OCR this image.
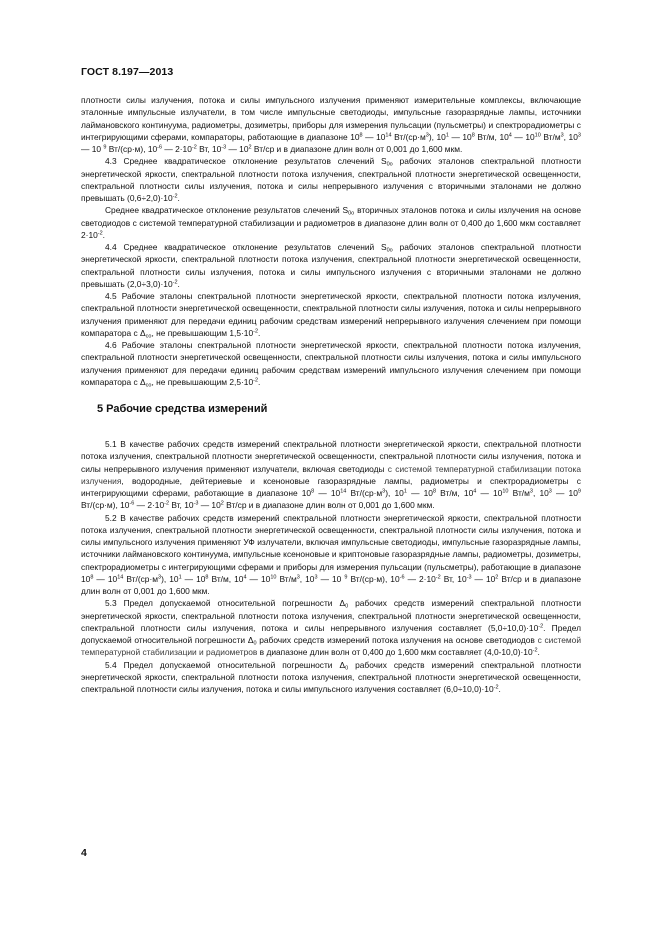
ГОСТ 8.197—2013

плотности силы излучения, потока и силы импульсного излучения применяют измерительные комплексы, включающие эталонные импульсные излучатели, в том числе импульсные светодиоды, импульсные газоразрядные лампы, источники лаймановского континуума, радиометры, дозиметры, приборы для измерения пульсации (пульсметры) и спектрорадиометры с интегрирующими сферами, компараторы, работающие в диапазоне $10^8$ — $10^{14}$ $Вт/(ср\cdot м^3)$, $10^1$ — $10^8$ Вт/м, $10^4$ — $10^{10}$ $Вт/м^3$, $10^3$ — 10 $^9$ Вт/(ср·м), $10^{-6}$ — $2\cdot 10^{-2}$ Вт, $10^{-3}$ — $10^2$ Вт/ср и в диапазоне длин волн от 0,001 до 1,600 мкм.

4.3 Среднее квадратическое отклонение результатов слечений $S_{0o}$ рабочих эталонов спектральной плотности энергетической яркости, спектральной плотности потока излучения, спектральной плотности энергетической освещенности, спектральной плотности силы излучения, потока и силы непрерывного излучения с вторичными эталонами не должно превышать $(0,6\div 2,0)\cdot 10^{-2}$.

Среднее квадратическое отклонение результатов слечений $S_{0o}$ вторичных эталонов потока и силы излучения на основе светодиодов с системой температурной стабилизации и радиометров в диапазоне длин волн от 0,400 до 1,600 мкм составляет $2\cdot 10^{-2}$.

4.4 Среднее квадратическое отклонение результатов слечений $S_{0o}$ рабочих эталонов спектральной плотности энергетической яркости, спектральной плотности потока излучения, спектральной плотности энергетической освещенности, спектральной плотности силы излучения, потока и силы импульсного излучения с вторичными эталонами не должно превышать $(2,0\div 3,0)\cdot 10^{-2}$.

4.5 Рабочие эталоны спектральной плотности энергетической яркости, спектральной плотности потока излучения, спектральной плотности энергетической освещенности, спектральной плотности силы излучения, потока и силы непрерывного излучения применяют для передачи единиц рабочим средствам измерений непрерывного излучения слечением при помощи компаратора с $\Delta_{co}$, не превышающим $1,5\cdot 10^{-2}$.

4.6 Рабочие эталоны спектральной плотности энергетической яркости, спектральной плотности потока излучения, спектральной плотности энергетической освещенности, спектральной плотности силы излучения, потока и силы импульсного излучения применяют для передачи единиц рабочим средствам измерений импульсного излучения слечением при помощи компаратора с $\Delta_{co}$, не превышающим $2,5\cdot 10^{-2}$.

5 Рабочие средства измерений

5.1 В качестве рабочих средств измерений спектральной плотности энергетической яркости, спектральной плотности потока излучения, спектральной плотности энергетической освещенности, спектральной плотности силы излучения, потока и силы непрерывного излучения применяют излучатели, включая светодиоды с системой температурной стабилизации потока излучения, водородные, дейтериевые и ксеноновые газоразрядные лампы, радиометры и спектрорадиометры с интегрирующими сферами, работающие в диапазоне $10^8$ — $10^{14}$ $Вт/(ср\cdot м^3)$, $10^1$ — $10^8$ Вт/м, $10^4$ — $10^{10}$ $Вт/м^3$, $10^3$ — $10^9$ Вт/(ср·м), $10^{-6}$ — $2\cdot 10^{-2}$ Вт, $10^{-3}$ — $10^2$ Вт/ср и в диапазоне длин волн от 0,001 до 1,600 мкм.

5.2 В качестве рабочих средств измерений спектральной плотности энергетической яркости, спектральной плотности потока излучения, спектральной плотности энергетической освещенности, спектральной плотности силы излучения, потока и силы импульсного излучения применяют УФ излучатели, включая импульсные светодиоды, импульсные газоразрядные лампы, источники лаймановского континуума, импульсные ксеноновые и криптоновые газоразрядные лампы, радиометры, дозиметры, спектрорадиометры с интегрирующими сферами и приборы для измерения пульсации (пульсметры), работающие в диапазоне $10^8$ — $10^{14}$ $Вт/(ср\cdot м^3)$, $10^1$ — $10^8$ Вт/м, $10^4$ — $10^{10}$ $Вт/м^3$, $10^3$ — 10 $^9$ Вт/(ср·м), $10^{-6}$ — $2\cdot 10^{-2}$ Вт, $10^{-3}$ — $10^2$ Вт/ср и в диапазоне длин волн от 0,001 до 1,600 мкм.

5.3 Предел допускаемой относительной погрешности $\Delta_0$ рабочих средств измерений спектральной плотности энергетической яркости, спектральной плотности потока излучения, спектральной плотности энергетической освещенности, спектральной плотности силы излучения, потока и силы непрерывного излучения составляет $(5,0\div 10,0)\cdot 10^{-2}$. Предел допускаемой относительной погрешности $\Delta_0$ рабочих средств измерений потока излучения на основе светодиодов с системой температурной стабилизации и радиометров в диапазоне длин волн от 0,400 до 1,600 мкм составляет $(4,0-10,0)\cdot 10^{-2}$.

5.4 Предел допускаемой относительной погрешности $\Delta_0$ рабочих средств измерений спектральной плотности энергетической яркости, спектральной плотности потока излучения, спектральной плотности энергетической освещенности, спектральной плотности силы излучения, потока и силы импульсного излучения составляет $(6,0\div 10,0)\cdot 10^{-2}$.

4
